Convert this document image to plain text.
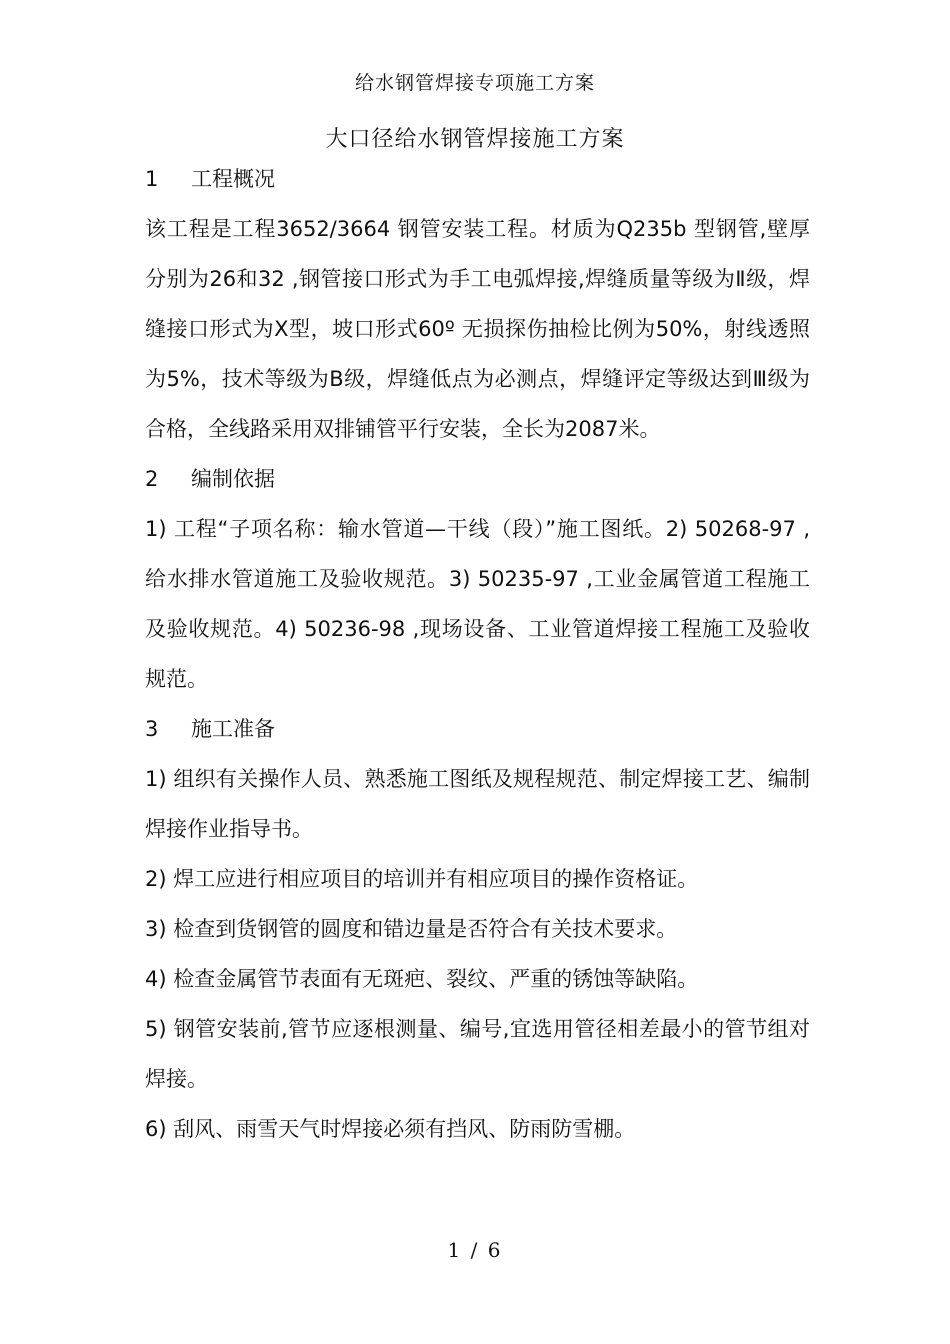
给水钢管焊接专项施工方案
大口径给水钢管焊接施工方案
1	工程概况

该工程是工程3652/3664 钢管安装工程。材质为Q235b 型钢管,壁厚分别为26和32 ,钢管接口形式为手工电弧焊接,焊缝质量等级为Ⅱ级，焊缝接口形式为X型，坡口形式60º 无损探伤抽检比例为50%，射线透照为5%，技术等级为B级，焊缝低点为必测点，焊缝评定等级达到Ⅲ级为合格，全线路采用双排铺管平行安装，全长为2087米。

2	编制依据

1) 工程“子项名称：输水管道—干线（段）”施工图纸。2) 50268-97 ,给水排水管道施工及验收规范。3) 50235-97 ,工业金属管道工程施工及验收规范。4) 50236-98 ,现场设备、工业管道焊接工程施工及验收规范。

3	施工准备

1) 组织有关操作人员、熟悉施工图纸及规程规范、制定焊接工艺、编制焊接作业指导书。

2) 焊工应进行相应项目的培训并有相应项目的操作资格证。

3) 检查到货钢管的圆度和错边量是否符合有关技术要求。

4) 检查金属管节表面有无斑疤、裂纹、严重的锈蚀等缺陷。

5) 钢管安装前,管节应逐根测量、编号,宜选用管径相差最小的管节组对焊接。

6) 刮风、雨雪天气时焊接必须有挡风、防雨防雪棚。

1 / 6
